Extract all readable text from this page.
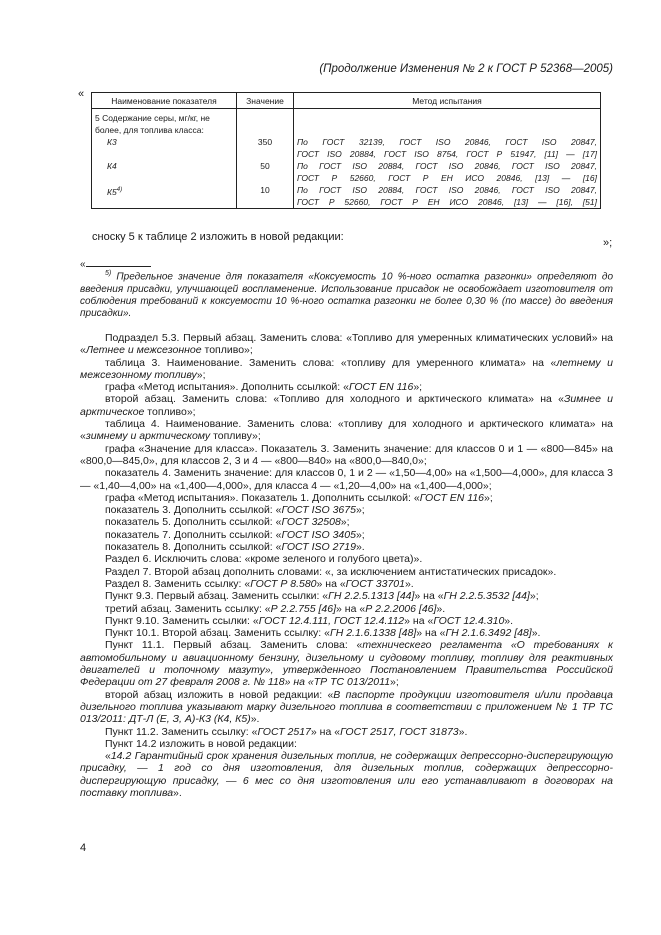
(Продолжение Изменения № 2 к ГОСТ Р 52368—2005)
«
Наименование показателя	Значение	Метод испытания
5 Содержание серы, мг/кг, не более, для топлива класса:		

К3	350	По ГОСТ 32139, ГОСТ ISO 20846, ГОСТ ISO 20847,
ГОСТ ISO 20884, ГОСТ ISO 8754, ГОСТ Р 51947, [11] — [17]

К4	50	По ГОСТ ISO 20884, ГОСТ ISO 20846, ГОСТ ISO 20847,
ГОСТ Р 52660, ГОСТ Р ЕН ИСО 20846, [13] — [16]

К5$^{4)}$	10	По ГОСТ ISO 20884, ГОСТ ISO 20846, ГОСТ ISO 20847,
ГОСТ Р 52660, ГОСТ Р ЕН ИСО 20846, [13] — [16], [51]
»;
сноску 5 к таблице 2 изложить в новой редакции:
«
$^{5)}$ Предельное значение для показателя «Коксуемость 10 %-ного остатка разгонки» определяют до введения присадки, улучшающей воспламенение. Использование присадок не освобождает изготовителя от соблюдения требований к коксуемости 10 %-ного остатка разгонки не более 0,30 % (по массе) до введения присадки».

Подраздел 5.3. Первый абзац. Заменить слова: «Топливо для умеренных климатических условий» на «Летнее и межсезонное топливо»;

таблица 3. Наименование. Заменить слова: «топливу для умеренного климата» на «летнему и межсезонному топливу»;

графа «Метод испытания». Дополнить ссылкой: «ГОСТ EN 116»;

второй абзац. Заменить слова: «Топливо для холодного и арктического климата» на «Зимнее и арктическое топливо»;

таблица 4. Наименование. Заменить слова: «топливу для холодного и арктического климата» на «зимнему и арктическому топливу»;

графа «Значение для класса». Показатель 3. Заменить значение: для классов 0 и 1 — «800—845» на «800,0—845,0», для классов 2, 3 и 4 — «800—840» на «800,0—840,0»;

показатель 4. Заменить значение: для классов 0, 1 и 2 — «1,50—4,00» на «1,500—4,000», для класса 3 — «1,40—4,00» на «1,400—4,000», для класса 4 — «1,20—4,00» на «1,400—4,000»;

графа «Метод испытания». Показатель 1. Дополнить ссылкой: «ГОСТ EN 116»;

показатель 3. Дополнить ссылкой: «ГОСТ ISO 3675»;

показатель 5. Дополнить ссылкой: «ГОСТ 32508»;

показатель 7. Дополнить ссылкой: «ГОСТ ISO 3405»;

показатель 8. Дополнить ссылкой: «ГОСТ ISO 2719».

Раздел 6. Исключить слова: «кроме зеленого и голубого цвета)».

Раздел 7. Второй абзац дополнить словами: «, за исключением антистатических присадок».

Раздел 8. Заменить ссылку: «ГОСТ Р 8.580» на «ГОСТ 33701».

Пункт 9.3. Первый абзац. Заменить ссылки: «ГН 2.2.5.1313 [44]» на «ГН 2.2.5.3532 [44]»;

третий абзац. Заменить ссылку: «Р 2.2.755 [46]» на «Р 2.2.2006 [46]».

Пункт 9.10. Заменить ссылки: «ГОСТ 12.4.111, ГОСТ 12.4.112» на «ГОСТ 12.4.310».

Пункт 10.1. Второй абзац. Заменить ссылку: «ГН 2.1.6.1338 [48]» на «ГН 2.1.6.3492 [48]».

Пункт 11.1. Первый абзац. Заменить слова: «техническего регламента «О требованиях к автомобильному и авиационному бензину, дизельному и судовому топливу, топливу для реактивных двигателей и топочному мазуту», утвержденного Постановлением Правительства Российской Федерации от 27 февраля 2008 г. № 118» на «ТР ТС 013/2011»;

второй абзац изложить в новой редакции: «В паспорте продукции изготовителя и/или продавца дизельного топлива указывают марку дизельного топлива в соответствии с приложением № 1 ТР ТС 013/2011: ДТ-Л (Е, З, А)-К3 (К4, К5)».

Пункт 11.2. Заменить ссылку: «ГОСТ 2517» на «ГОСТ 2517, ГОСТ 31873».

Пункт 14.2 изложить в новой редакции:

«14.2 Гарантийный срок хранения дизельных топлив, не содержащих депрессорно-диспергирующую присадку, — 1 год со дня изготовления, для дизельных топлив, содержащих депрессорно-диспергирующую присадку, — 6 мес со дня изготовления или его устанавливают в договорах на поставку топлива».

4
